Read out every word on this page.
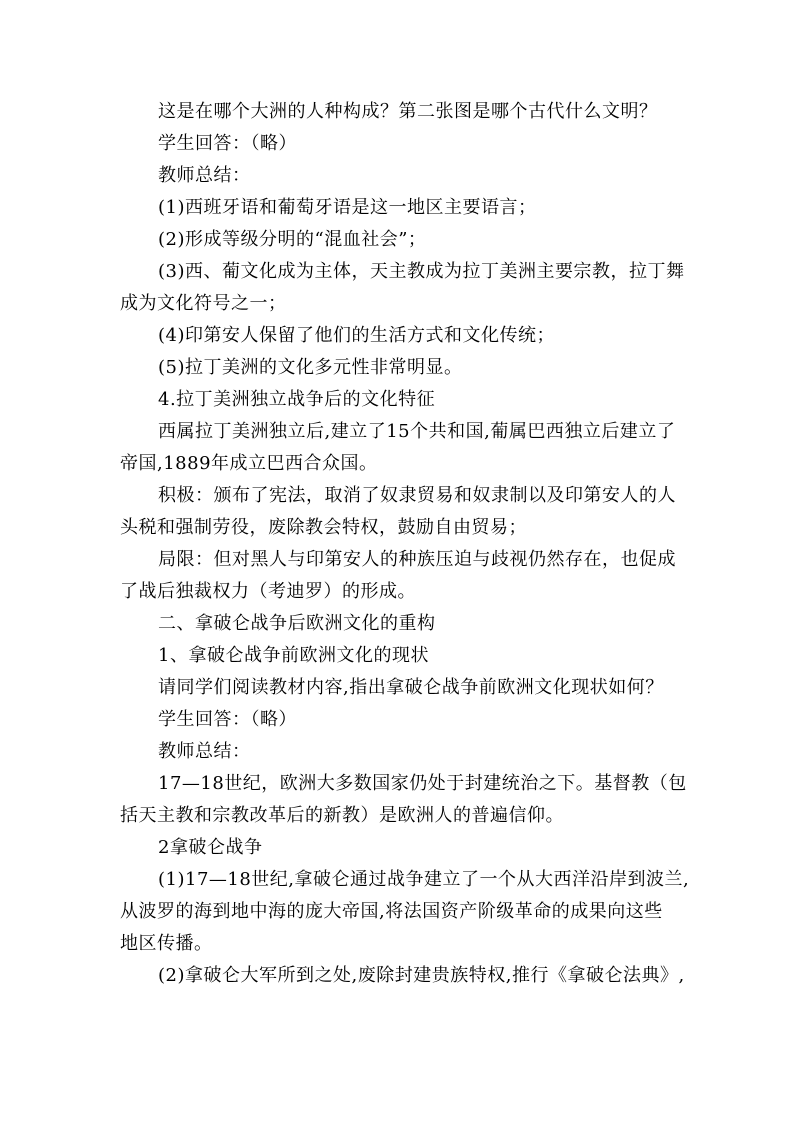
这是在哪个大洲的人种构成？第二张图是哪个古代什么文明？
学生回答：（略）
教师总结：
(1)西班牙语和葡萄牙语是这一地区主要语言；
(2)形成等级分明的“混血社会”；
(3)西、葡文化成为主体，天主教成为拉丁美洲主要宗教，拉丁舞
成为文化符号之一；
(4)印第安人保留了他们的生活方式和文化传统；
(5)拉丁美洲的文化多元性非常明显。
4.拉丁美洲独立战争后的文化特征
西属拉丁美洲独立后,建立了15个共和国,葡属巴西独立后建立了
帝国,1889年成立巴西合众国。
积极：颁布了宪法，取消了奴隶贸易和奴隶制以及印第安人的人
头税和强制劳役，废除教会特权，鼓励自由贸易；
局限：但对黑人与印第安人的种族压迫与歧视仍然存在，也促成
了战后独裁权力（考迪罗）的形成。
二、拿破仑战争后欧洲文化的重构
1、拿破仑战争前欧洲文化的现状
请同学们阅读教材内容,指出拿破仑战争前欧洲文化现状如何？
学生回答：（略）
教师总结：
17—18世纪，欧洲大多数国家仍处于封建统治之下。基督教（包
括天主教和宗教改革后的新教）是欧洲人的普遍信仰。
2拿破仑战争
(1)17—18世纪,拿破仑通过战争建立了一个从大西洋沿岸到波兰,
从波罗的海到地中海的庞大帝国,将法国资产阶级革命的成果向这些
地区传播。
(2)拿破仑大军所到之处,废除封建贵族特权,推行《拿破仑法典》,
